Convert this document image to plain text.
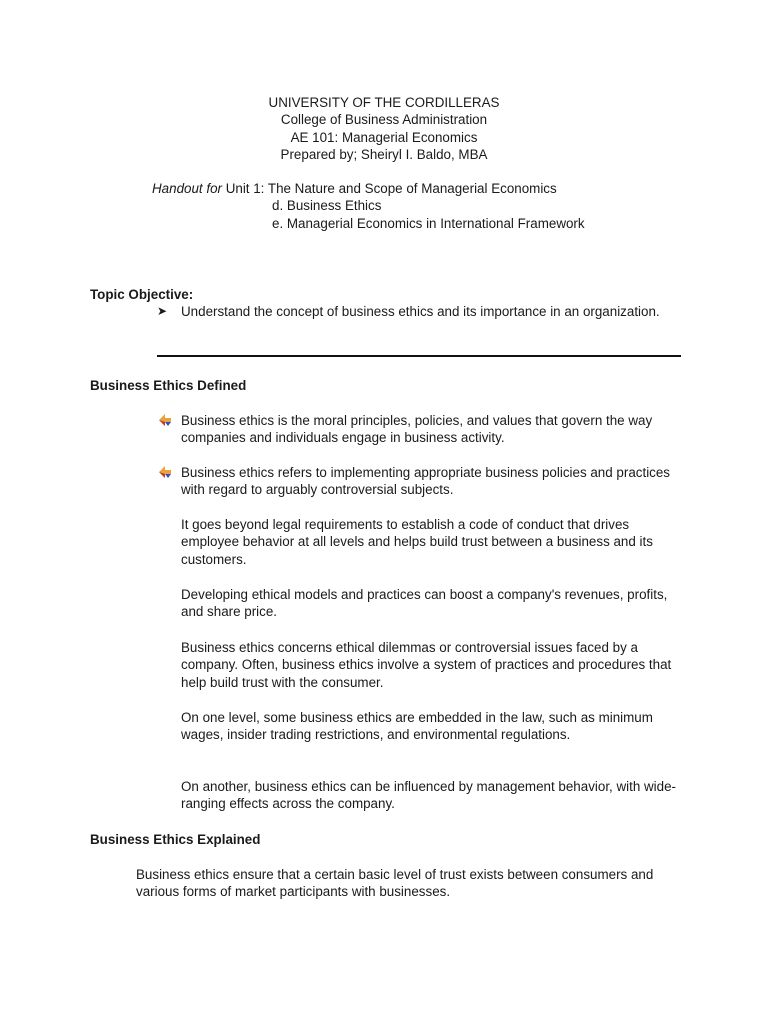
UNIVERSITY OF THE CORDILLERAS
College of Business Administration
AE 101: Managerial Economics
Prepared by; Sheiryl I. Baldo, MBA
Handout for Unit 1: The Nature and Scope of Managerial Economics
d. Business Ethics
e. Managerial Economics in International Framework
Topic Objective:
➤ Understand the concept of business ethics and its importance in an organization.
Business Ethics Defined
Business ethics is the moral principles, policies, and values that govern the way companies and individuals engage in business activity.
Business ethics refers to implementing appropriate business policies and practices with regard to arguably controversial subjects.
It goes beyond legal requirements to establish a code of conduct that drives employee behavior at all levels and helps build trust between a business and its customers.
Developing ethical models and practices can boost a company's revenues, profits, and share price.
Business ethics concerns ethical dilemmas or controversial issues faced by a company. Often, business ethics involve a system of practices and procedures that help build trust with the consumer.
On one level, some business ethics are embedded in the law, such as minimum wages, insider trading restrictions, and environmental regulations.
On another, business ethics can be influenced by management behavior, with wide-ranging effects across the company.
Business Ethics Explained
Business ethics ensure that a certain basic level of trust exists between consumers and various forms of market participants with businesses.
